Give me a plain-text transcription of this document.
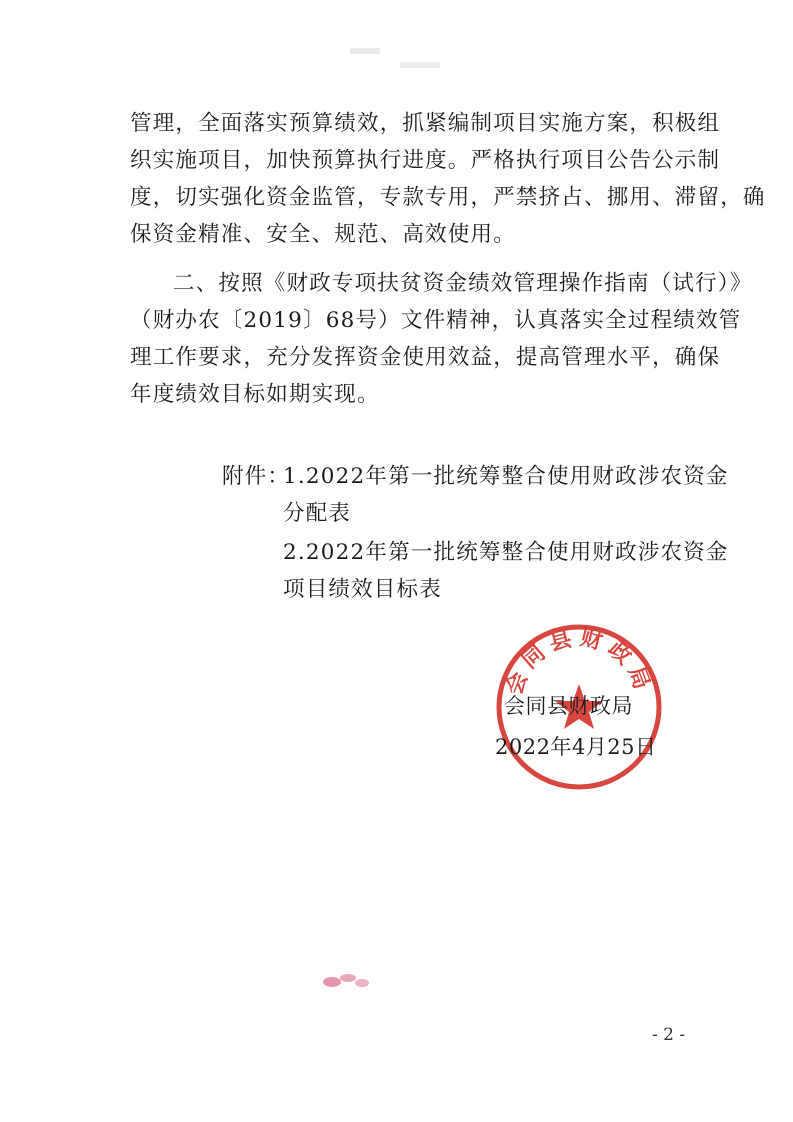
管理，全面落实预算绩效，抓紧编制项目实施方案，积极组
织实施项目，加快预算执行进度。严格执行项目公告公示制
度，切实强化资金监管，专款专用，严禁挤占、挪用、滞留，确
保资金精准、安全、规范、高效使用。
二、按照《财政专项扶贫资金绩效管理操作指南（试行）》
（财办农〔2019〕68号）文件精神，认真落实全过程绩效管
理工作要求，充分发挥资金使用效益，提高管理水平，确保
年度绩效目标如期实现。
附件：
1.2022年第一批统筹整合使用财政涉农资金
分配表
2.2022年第一批统筹整合使用财政涉农资金
项目绩效目标表
会同县财政局
会同县财政局
2022年4月25日
- 2 -
